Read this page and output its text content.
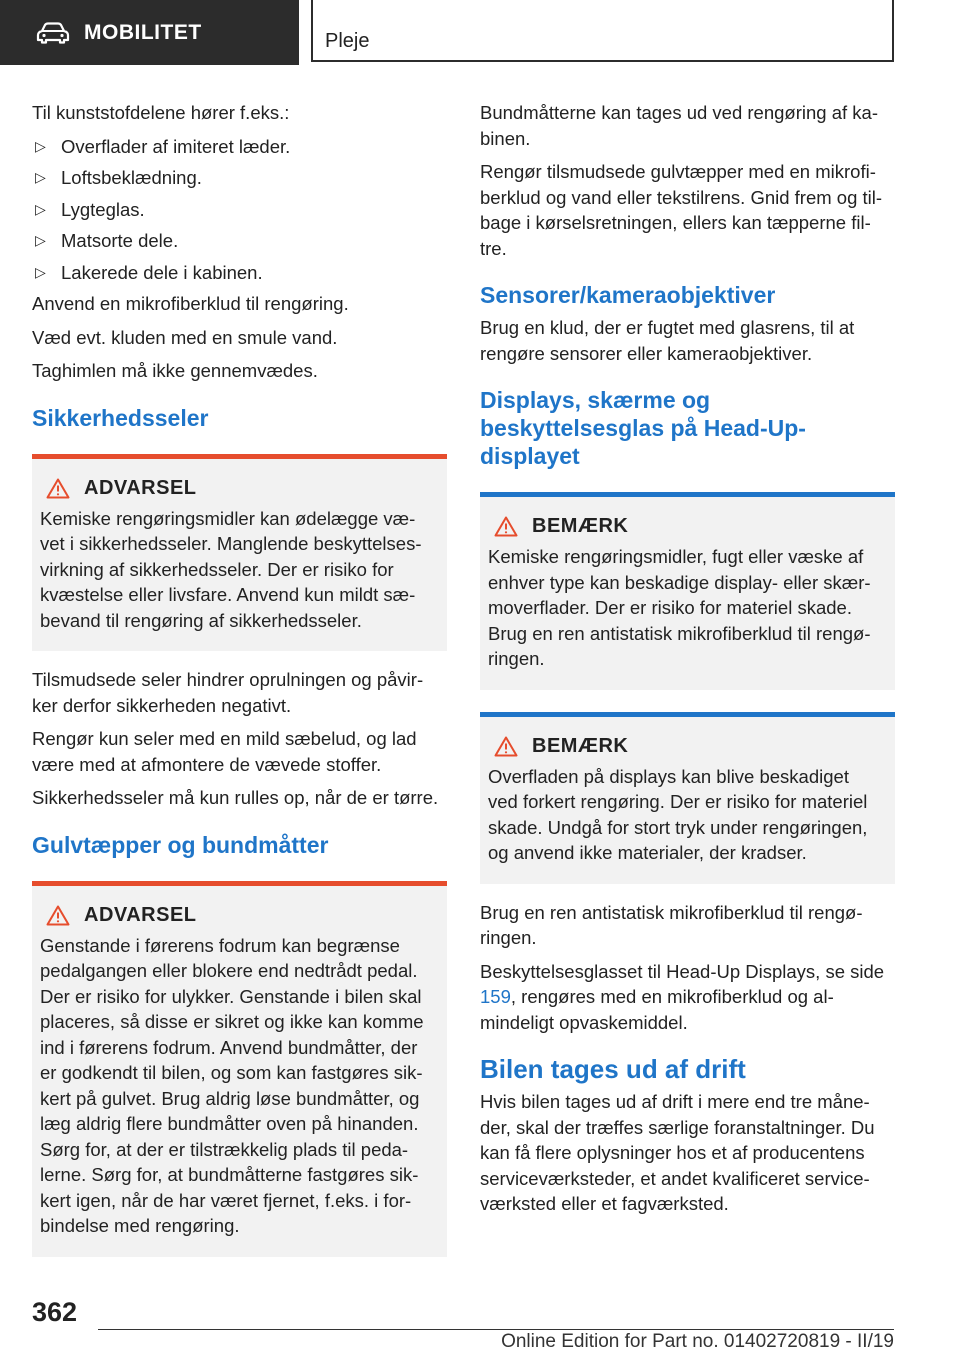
MOBILITET	Pleje

Til kunststofdelene hører f.eks.:

▷ Overflader af imiteret læder.
▷ Loftsbeklædning.
▷ Lygteglas.
▷ Matsorte dele.
▷ Lakerede dele i kabinen.

Anvend en mikrofiberklud til rengøring.

Væd evt. kluden med en smule vand.

Taghimlen må ikke gennemvædes.

Sikkerhedsseler
ADVARSEL

Kemiske rengøringsmidler kan ødelægge væ-vet i sikkerhedsseler. Manglende beskyttelses-virkning af sikkerhedsseler. Der er risiko for kvæstelse eller livsfare. Anvend kun mildt sæ-bevand til rengøring af sikkerhedsseler.

Tilsmudsede seler hindrer oprulningen og påvir-ker derfor sikkerheden negativt.

Rengør kun seler med en mild sæbelud, og lad være med at afmontere de vævede stoffer.

Sikkerhedsseler må kun rulles op, når de er tørre.

Gulvtæpper og bundmåtter
ADVARSEL

Genstande i førerens fodrum kan begrænse pedalgangen eller blokere end nedtrådt pedal. Der er risiko for ulykker. Genstande i bilen skal placeres, så disse er sikret og ikke kan komme ind i førerens fodrum. Anvend bundmåtter, der er godkendt til bilen, og som kan fastgøres sik-kert på gulvet. Brug aldrig løse bundmåtter, og læg aldrig flere bundmåtter oven på hinanden. Sørg for, at der er tilstrækkelig plads til peda-lerne. Sørg for, at bundmåtterne fastgøres sik-kert igen, når de har været fjernet, f.eks. i for-bindelse med rengøring.

Bundmåtterne kan tages ud ved rengøring af ka-binen.

Rengør tilsmudsede gulvtæpper med en mikrofi-berklud og vand eller tekstilrens. Gnid frem og til-bage i kørselsretningen, ellers kan tæpperne fil-tre.

Sensorer/kameraobjektiver

Brug en klud, der er fugtet med glasrens, til at rengøre sensorer eller kameraobjektiver.

Displays, skærme og beskyttelsesglas på Head-Up-displayet
BEMÆRK

Kemiske rengøringsmidler, fugt eller væske af enhver type kan beskadige display- eller skær-moverflader. Der er risiko for materiel skade. Brug en ren antistatisk mikrofiberklud til rengø-ringen.

BEMÆRK

Overfladen på displays kan blive beskadiget ved forkert rengøring. Der er risiko for materiel skade. Undgå for stort tryk under rengøringen, og anvend ikke materialer, der kradser.

Brug en ren antistatisk mikrofiberklud til rengø-ringen.

Beskyttelsesglasset til Head-Up Displays, se side 159, rengøres med en mikrofiberklud og al-mindeligt opvaskemiddel.

Bilen tages ud af drift

Hvis bilen tages ud af drift i mere end tre måne-der, skal der træffes særlige foranstaltninger. Du kan få flere oplysninger hos et af producentens serviceværksteder, et andet kvalificeret service-værksted eller et fagværksted.

362
Online Edition for Part no. 01402720819 - II/19
